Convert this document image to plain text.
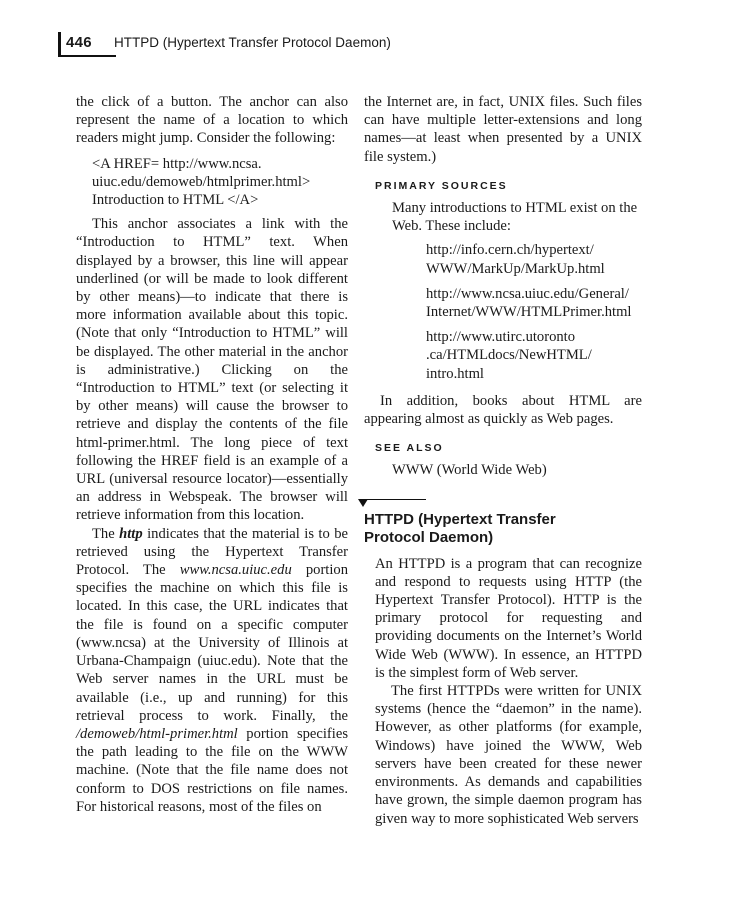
446 HTTPD (Hypertext Transfer Protocol Daemon)

the click of a button. The anchor can also represent the name of a location to which readers might jump. Consider the following:

<A HREF= http://www.ncsa.
uiuc.edu/demoweb/htmlprimer.html>
Introduction to HTML </A>

This anchor associates a link with the “Introduction to HTML” text. When displayed by a browser, this line will appear underlined (or will be made to look different by other means)—to indicate that there is more information available about this topic. (Note that only “Introduction to HTML” will be displayed. The other material in the anchor is administrative.) Clicking on the “Introduction to HTML” text (or selecting it by other means) will cause the browser to retrieve and display the contents of the file html-primer.html. The long piece of text following the HREF field is an example of a URL (universal resource locator)—essentially an address in Webspeak. The browser will retrieve information from this location.

The http indicates that the material is to be retrieved using the Hypertext Transfer Protocol. The www.ncsa.uiuc.edu portion specifies the machine on which this file is located. In this case, the URL indicates that the file is found on a specific computer (www.ncsa) at the University of Illinois at Urbana-Champaign (uiuc.edu). Note that the Web server names in the URL must be available (i.e., up and running) for this retrieval process to work. Finally, the /demoweb/html-primer.html portion specifies the path leading to the file on the WWW machine. (Note that the file name does not conform to DOS restrictions on file names. For historical reasons, most of the files on

the Internet are, in fact, UNIX files. Such files can have multiple letter-extensions and long names—at least when presented by a UNIX file system.)

PRIMARY SOURCES

Many introductions to HTML exist on the Web. These include:

http://info.cern.ch/hypertext/
WWW/MarkUp/MarkUp.html
http://www.ncsa.uiuc.edu/General/
Internet/WWW/HTMLPrimer.html
http://www.utirc.utoronto
.ca/HTMLdocs/NewHTML/
intro.html

In addition, books about HTML are appearing almost as quickly as Web pages.

SEE ALSO

WWW (World Wide Web)

HTTPD (Hypertext Transfer
Protocol Daemon)

An HTTPD is a program that can recognize and respond to requests using HTTP (the Hypertext Transfer Protocol). HTTP is the primary protocol for requesting and providing documents on the Internet’s World Wide Web (WWW). In essence, an HTTPD is the simplest form of Web server.

The first HTTPDs were written for UNIX systems (hence the “daemon” in the name). However, as other platforms (for example, Windows) have joined the WWW, Web servers have been created for these newer environments. As demands and capabilities have grown, the simple daemon program has given way to more sophisticated Web servers
